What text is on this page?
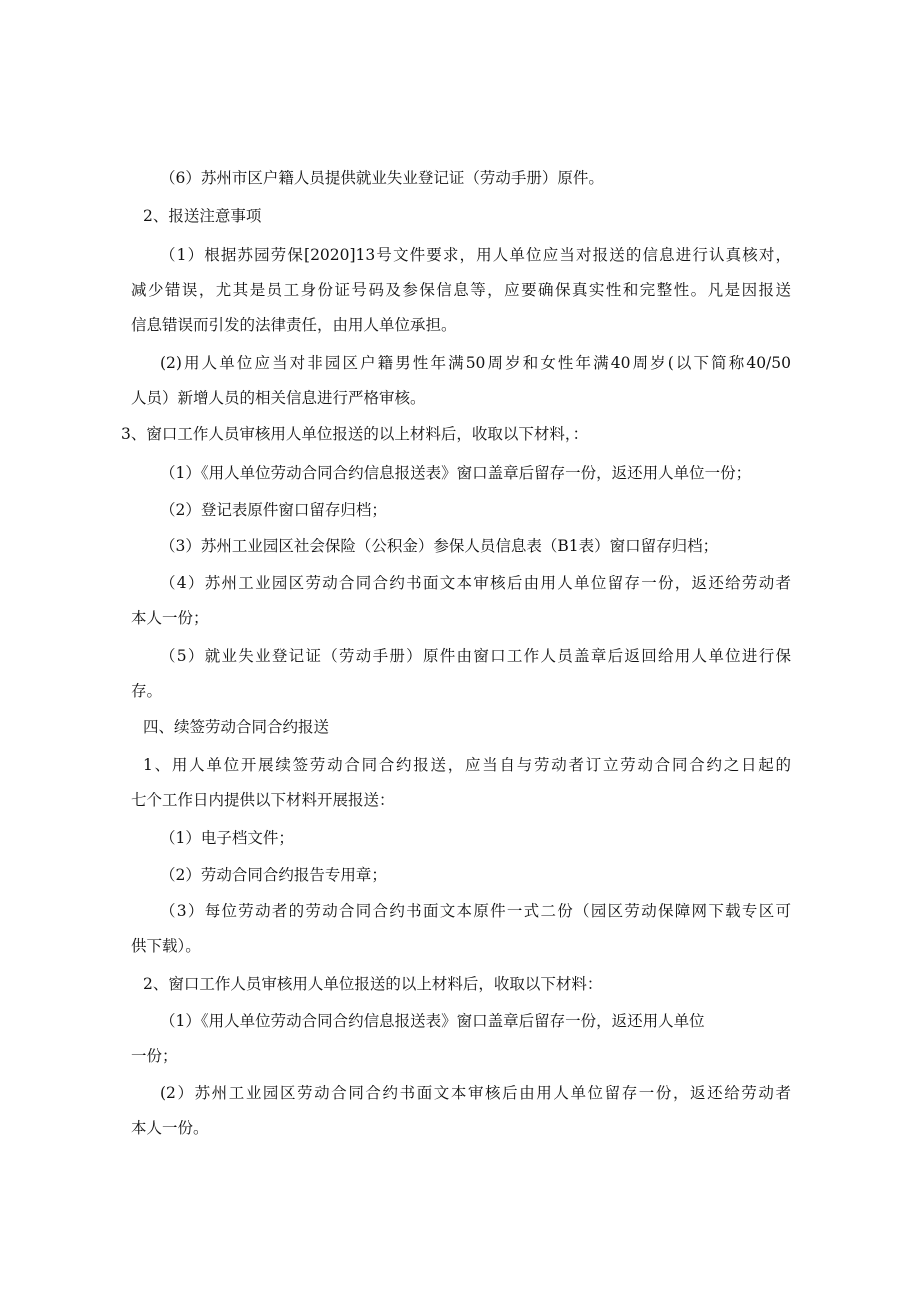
（6）苏州市区户籍人员提供就业失业登记证（劳动手册）原件。
2、报送注意事项
（1）根据苏园劳保[2020]13号文件要求，用人单位应当对报送的信息进行认真核对，
减少错误，尤其是员工身份证号码及参保信息等，应要确保真实性和完整性。凡是因报送
信息错误而引发的法律责任，由用人单位承担。
(2)用人单位应当对非园区户籍男性年满50周岁和女性年满40周岁(以下简称40/50
人员）新增人员的相关信息进行严格审核。
3、窗口工作人员审核用人单位报送的以上材料后，收取以下材料，：
（1）《用人单位劳动合同合约信息报送表》窗口盖章后留存一份，返还用人单位一份；
（2）登记表原件窗口留存归档；
（3）苏州工业园区社会保险（公积金）参保人员信息表（B1表）窗口留存归档；
（4）苏州工业园区劳动合同合约书面文本审核后由用人单位留存一份，返还给劳动者
本人一份；
（5）就业失业登记证（劳动手册）原件由窗口工作人员盖章后返回给用人单位进行保
存。
四、续签劳动合同合约报送
1、用人单位开展续签劳动合同合约报送，应当自与劳动者订立劳动合同合约之日起的
七个工作日内提供以下材料开展报送：
（1）电子档文件；
（2）劳动合同合约报告专用章；
（3）每位劳动者的劳动合同合约书面文本原件一式二份（园区劳动保障网下载专区可
供下载）。
2、窗口工作人员审核用人单位报送的以上材料后，收取以下材料：
（1）《用人单位劳动合同合约信息报送表》窗口盖章后留存一份，返还用人单位
一份；
(2）苏州工业园区劳动合同合约书面文本审核后由用人单位留存一份，返还给劳动者
本人一份。
